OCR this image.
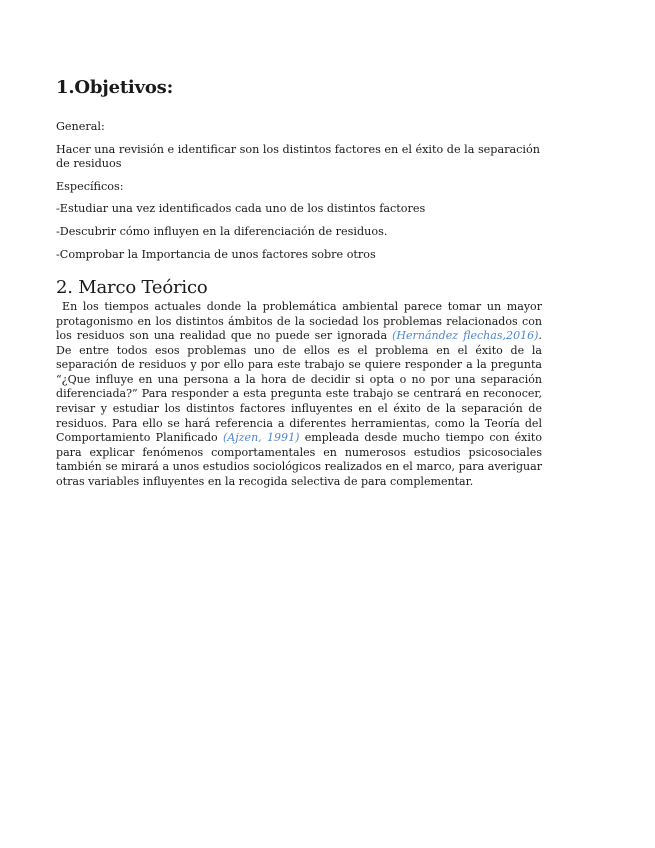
1.Objetivos:

General:

Hacer una revisión e identificar son los distintos factores en el éxito de la separación de residuos

Específicos:

-Estudiar una vez identificados cada uno de los distintos factores

-Descubrir cómo influyen en la diferenciación de residuos.

-Comprobar la Importancia de unos factores sobre otros

2. Marco Teórico

En los tiempos actuales donde la problemática ambiental parece tomar un mayor protagonismo en los distintos ámbitos de la sociedad los problemas relacionados con los residuos son una realidad que no puede ser ignorada (Hernández flechas,2016). De entre todos esos problemas uno de ellos es el problema en el éxito de la separación de residuos y por ello para este trabajo se quiere responder a la pregunta “¿Que influye en una persona a la hora de decidir si opta o no por una separación diferenciada?” Para responder a esta pregunta este trabajo se centrará en reconocer, revisar y estudiar los distintos factores influyentes en el éxito de la separación de residuos. Para ello se hará referencia a diferentes herramientas, como la Teoría del Comportamiento Planificado (Ajzen, 1991) empleada desde mucho tiempo con éxito para explicar fenómenos comportamentales en numerosos estudios psicosociales también se mirará a unos estudios sociológicos realizados en el marco, para averiguar otras variables influyentes en la recogida selectiva de para complementar.
